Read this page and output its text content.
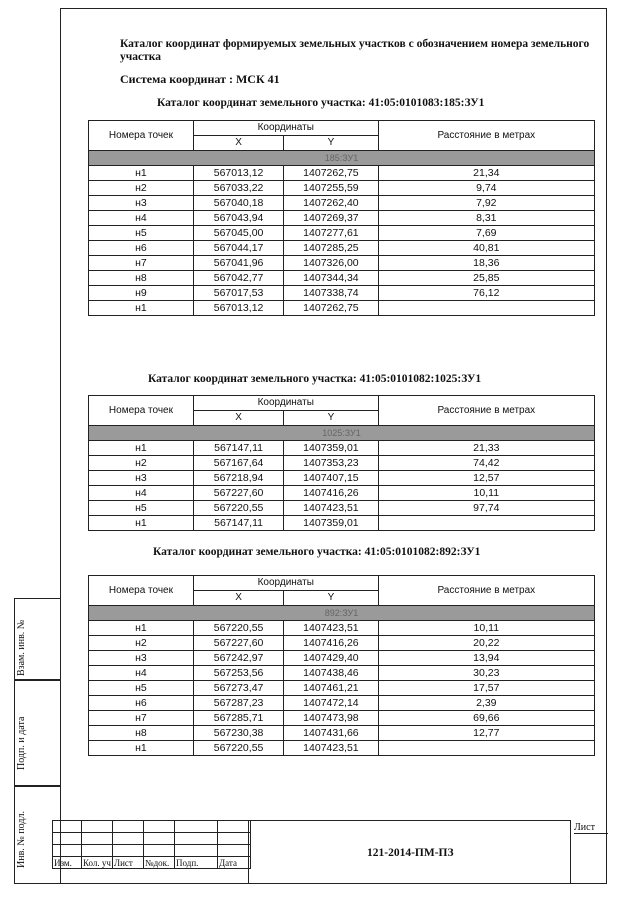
Каталог координат формируемых земельных участков с обозначением номера земельного участка
Система координат : МСК 41
Каталог координат земельного участка: 41:05:0101083:185:ЗУ1
Номера точек	Координаты		Расстояние в метрах
	X	Y	
185:ЗУ1			
н1	567013,12	1407262,75	21,34
н2	567033,22	1407255,59	9,74
н3	567040,18	1407262,40	7,92
н4	567043,94	1407269,37	8,31
н5	567045,00	1407277,61	7,69
н6	567044,17	1407285,25	40,81
н7	567041,96	1407326,00	18,36
н8	567042,77	1407344,34	25,85
н9	567017,53	1407338,74	76,12
н1	567013,12	1407262,75	
Каталог координат земельного участка: 41:05:0101082:1025:ЗУ1
Номера точек	Координаты		Расстояние в метрах
	X	Y	
1025:ЗУ1			
н1	567147,11	1407359,01	21,33
н2	567167,64	1407353,23	74,42
н3	567218,94	1407407,15	12,57
н4	567227,60	1407416,26	10,11
н5	567220,55	1407423,51	97,74
н1	567147,11	1407359,01	
Каталог координат земельного участка: 41:05:0101082:892:ЗУ1
Номера точек	Координаты		Расстояние в метрах
	X	Y	
892:ЗУ1			
н1	567220,55	1407423,51	10,11
н2	567227,60	1407416,26	20,22
н3	567242,97	1407429,40	13,94
н4	567253,56	1407438,46	30,23
н5	567273,47	1407461,21	17,57
н6	567287,23	1407472,14	2,39
н7	567285,71	1407473,98	69,66
н8	567230,38	1407431,66	12,77
н1	567220,55	1407423,51	
Взам. инв. №
Подп. и дата
Инв. № подл.

						Изм.	Кол. уч	Лист	№док.	Подп.	Дата
121-2014-ПМ-ПЗ
Лист
